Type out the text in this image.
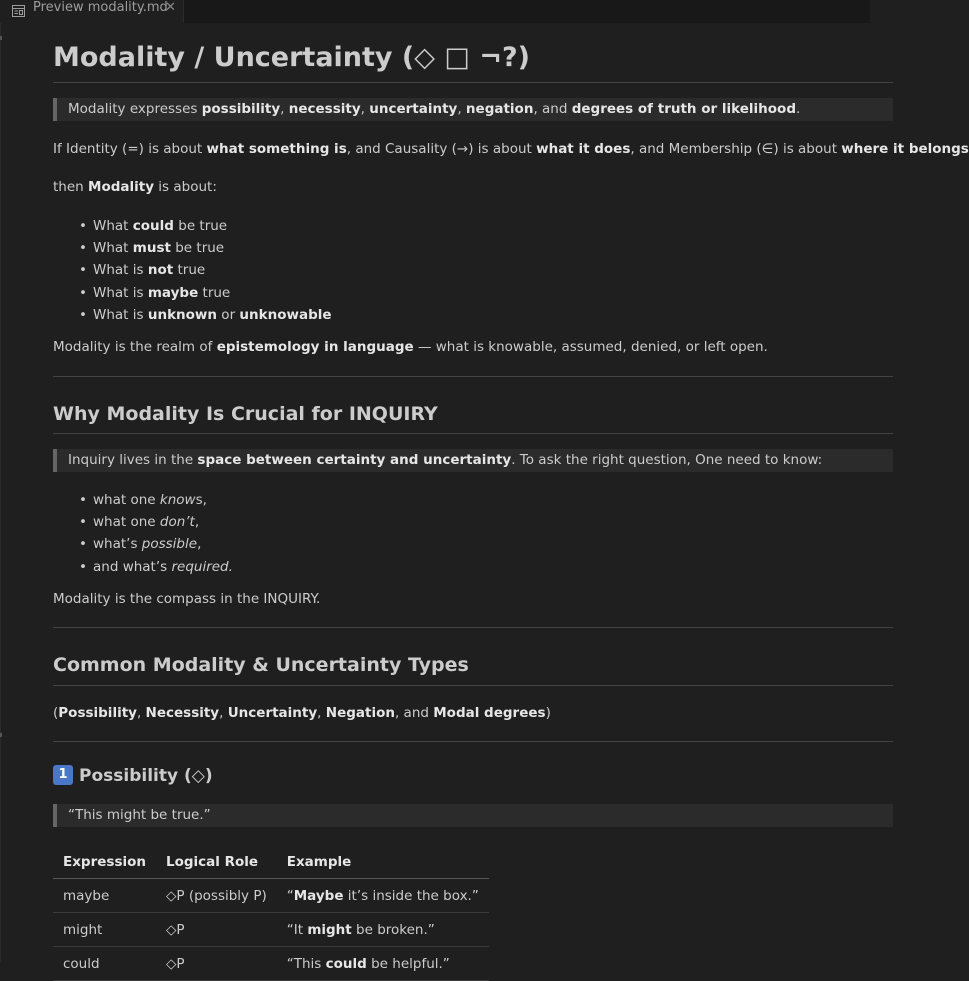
Preview modality.md
✕
Modality / Uncertainty (◇ □ ¬?)
Modality expresses possibility, necessity, uncertainty, negation, and degrees of truth or likelihood.

If Identity (=) is about what something is, and Causality (→) is about what it does, and Membership (∈) is about where it belongs

then Modality is about:

• What could be true
• What must be true
• What is not true
• What is maybe true
• What is unknown or unknowable

Modality is the realm of epistemology in language — what is knowable, assumed, denied, or left open.

Why Modality Is Crucial for INQUIRY
Inquiry lives in the space between certainty and uncertainty. To ask the right question, One need to know:
• what one knows,
• what one don’t,
• what’s possible,
• and what’s required.

Modality is the compass in the INQUIRY.

Common Modality & Uncertainty Types

(Possibility, Necessity, Uncertainty, Negation, and Modal degrees)

1 Possibility (◇)
“This might be true.”
Expression	Logical Role	Example
maybe	◇P (possibly P)	“Maybe it’s inside the box.”
might	◇P	“It might be broken.”
could	◇P	“This could be helpful.”
